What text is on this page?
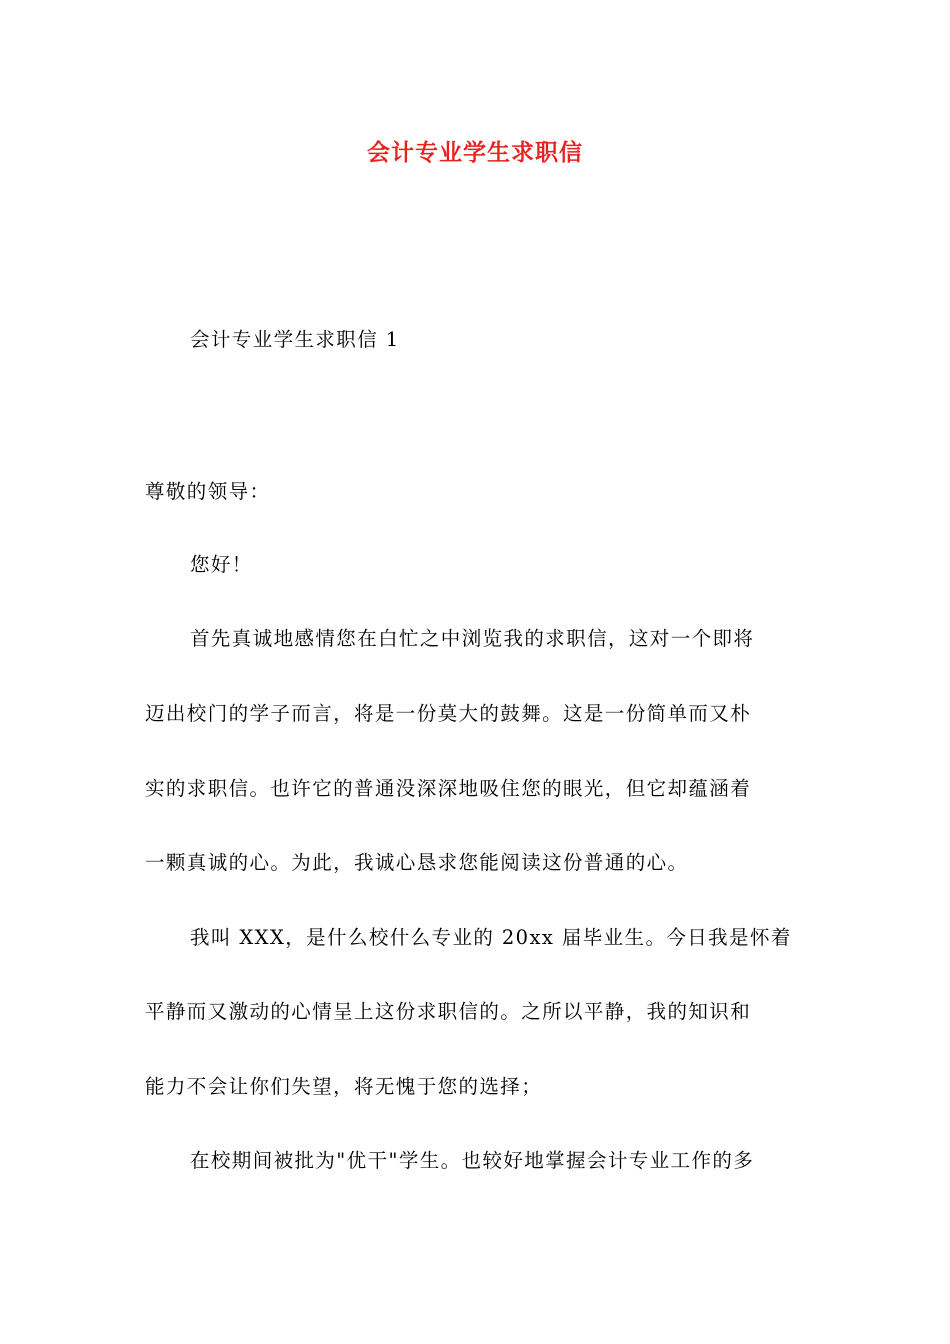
会计专业学生求职信
会计专业学生求职信 1
尊敬的领导：
您好！
首先真诚地感情您在白忙之中浏览我的求职信，这对一个即将
迈出校门的学子而言，将是一份莫大的鼓舞。这是一份简单而又朴
实的求职信。也许它的普通没深深地吸住您的眼光，但它却蕴涵着
一颗真诚的心。为此，我诚心恳求您能阅读这份普通的心。
我叫 XXX，是什么校什么专业的 20xx 届毕业生。今日我是怀着
平静而又激动的心情呈上这份求职信的。之所以平静，我的知识和
能力不会让你们失望，将无愧于您的选择；
在校期间被批为"优干"学生。也较好地掌握会计专业工作的多
